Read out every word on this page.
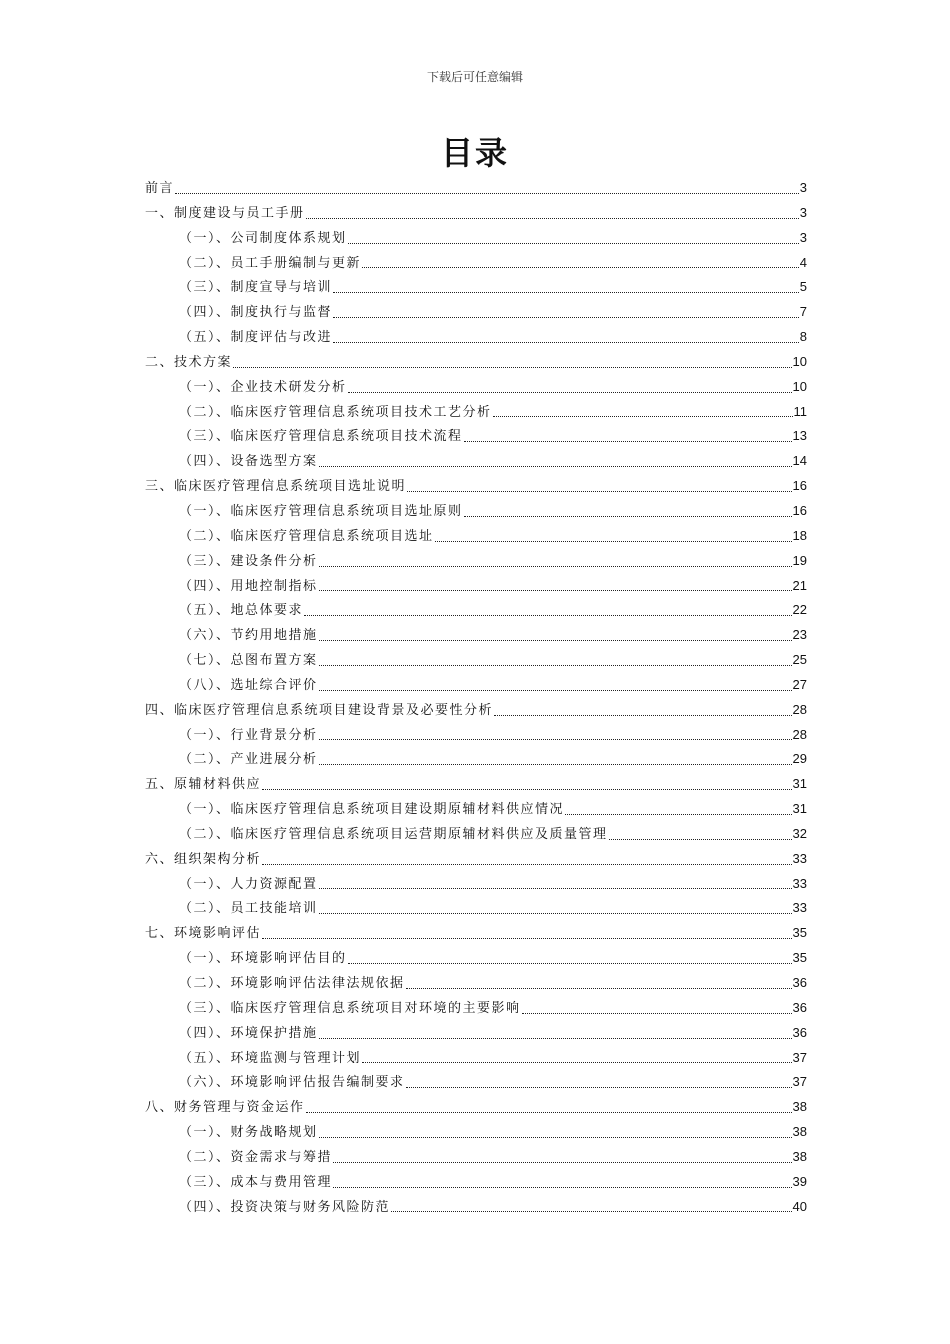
下载后可任意编辑
目录
前言	3
一、制度建设与员工手册	3
（一）、公司制度体系规划	3
（二）、员工手册编制与更新	4
（三）、制度宣导与培训	5
（四）、制度执行与监督	7
（五）、制度评估与改进	8
二、技术方案	10
（一）、企业技术研发分析	10
（二）、临床医疗管理信息系统项目技术工艺分析	11
（三）、临床医疗管理信息系统项目技术流程	13
（四）、设备选型方案	14
三、临床医疗管理信息系统项目选址说明	16
（一）、临床医疗管理信息系统项目选址原则	16
（二）、临床医疗管理信息系统项目选址	18
（三）、建设条件分析	19
（四）、用地控制指标	21
（五）、地总体要求	22
（六）、节约用地措施	23
（七）、总图布置方案	25
（八）、选址综合评价	27
四、临床医疗管理信息系统项目建设背景及必要性分析	28
（一）、行业背景分析	28
（二）、产业进展分析	29
五、原辅材料供应	31
（一）、临床医疗管理信息系统项目建设期原辅材料供应情况	31
（二）、临床医疗管理信息系统项目运营期原辅材料供应及质量管理	32
六、组织架构分析	33
（一）、人力资源配置	33
（二）、员工技能培训	33
七、环境影响评估	35
（一）、环境影响评估目的	35
（二）、环境影响评估法律法规依据	36
（三）、临床医疗管理信息系统项目对环境的主要影响	36
（四）、环境保护措施	36
（五）、环境监测与管理计划	37
（六）、环境影响评估报告编制要求	37
八、财务管理与资金运作	38
（一）、财务战略规划	38
（二）、资金需求与筹措	38
（三）、成本与费用管理	39
（四）、投资决策与财务风险防范	40
